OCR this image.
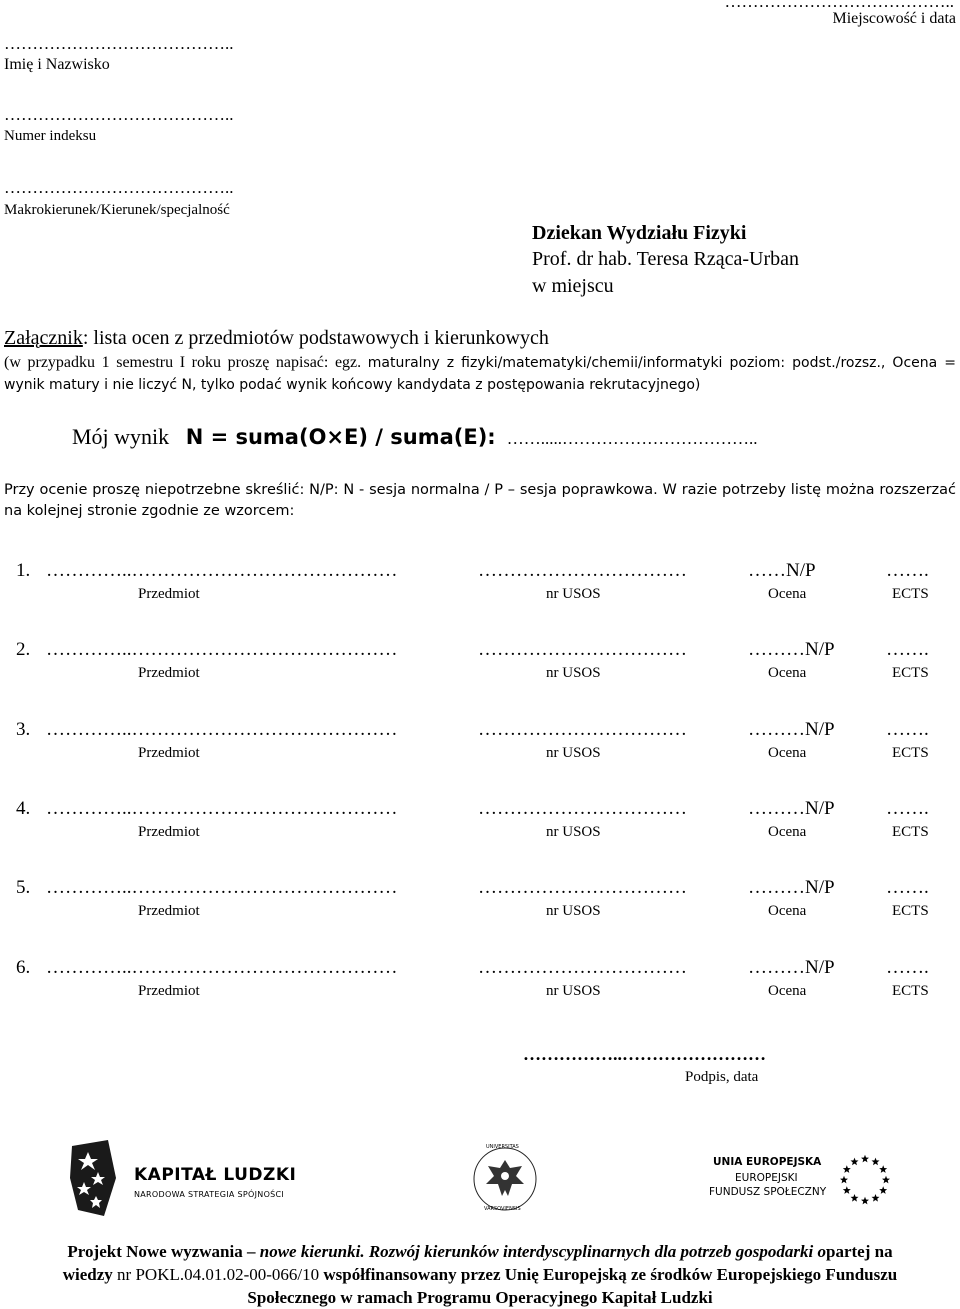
…………………………………..
Miejscowość i data
…………………………………..
Imię i Nazwisko
…………………………………..
Numer indeksu
…………………………………..
Makrokierunek/Kierunek/specjalność
Dziekan Wydziału Fizyki
Prof. dr hab. Teresa Rząca-Urban
w miejscu
Załącznik: lista ocen z przedmiotów podstawowych i kierunkowych
(w przypadku 1 semestru I roku proszę napisać: egz. maturalny z fizyki/matematyki/chemii/informatyki poziom: podst./rozsz., Ocena = wynik matury i nie liczyć N, tylko podać wynik końcowy kandydata z postępowania rekrutacyjnego)
Mój wynik N = suma(O×E) / suma(E): …….....……………………………..
Przy ocenie proszę niepotrzebne skreślić: N/P: N - sesja normalna / P – sesja poprawkowa. W razie potrzeby listę można rozszerzać na kolejnej stronie zgodnie ze wzorcem:
1. …………..……………………………………	……………………………	……N/P	…….
Przedmiot	nr USOS	Ocena	ECTS
2. …………..……………………………………	……………………………	………N/P	…….
Przedmiot	nr USOS	Ocena	ECTS
3. …………..……………………………………	……………………………	………N/P	…….
Przedmiot	nr USOS	Ocena	ECTS
4. …………..……………………………………	……………………………	………N/P	…….
Przedmiot	nr USOS	Ocena	ECTS
5. …………..……………………………………	……………………………	………N/P	…….
Przedmiot	nr USOS	Ocena	ECTS
6. …………..……………………………………	……………………………	………N/P	…….
Przedmiot	nr USOS	Ocena	ECTS
……………..……………………
Podpis, data
KAPITAŁ LUDZKI
NARODOWA STRATEGIA SPÓJNOŚCI
UNIVERSITAS
VARSOVIENSIS
UNIA EUROPEJSKA
EUROPEJSKI
FUNDUSZ SPOŁECZNY
Projekt Nowe wyzwania – nowe kierunki. Rozwój kierunków interdyscyplinarnych dla potrzeb gospodarki opartej na
wiedzy nr POKL.04.01.02-00-066/10 współfinansowany przez Unię Europejską ze środków Europejskiego Funduszu
Społecznego w ramach Programu Operacyjnego Kapitał Ludzki
